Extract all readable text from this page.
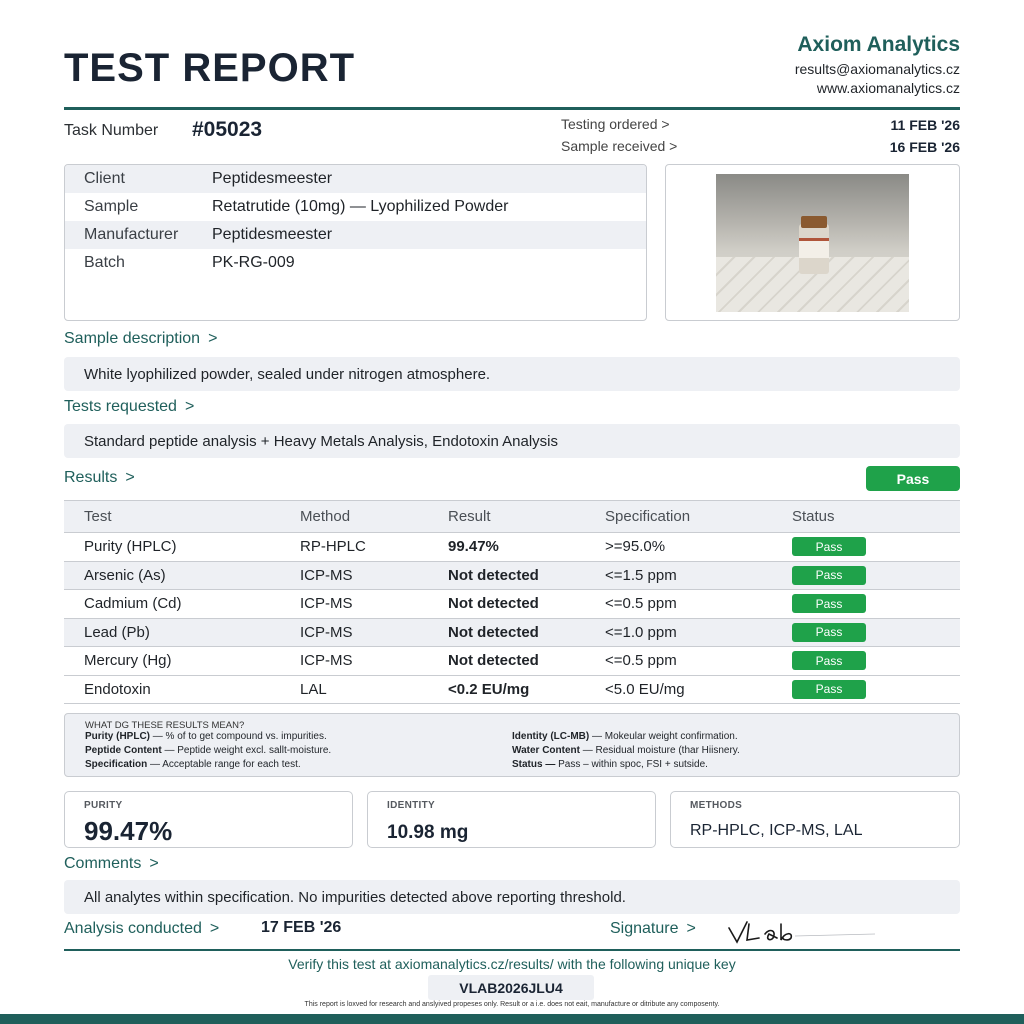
TEST REPORT
Axiom Analytics
results@axiomanalytics.cz
www.axiomanalytics.cz
Task Number #05023	Testing ordered >	11 FEB '26
Sample received >	16 FEB '26
Client	Peptidesmeester
Sample	Retatrutide (10mg) — Lyophilized Powder
Manufacturer	Peptidesmeester
Batch	PK-RG-009
Sample description >
White lyophilized powder, sealed under nitrogen atmosphere.
Tests requested >
Standard peptide analysis + Heavy Metals Analysis, Endotoxin Analysis
Results >	Pass
Test	Method	Result	Specification	Status
Purity (HPLC)	RP-HPLC	99.47%	>=95.0%	Pass
Arsenic (As)	ICP-MS	Not detected	<=1.5 ppm	Pass
Cadmium (Cd)	ICP-MS	Not detected	<=0.5 ppm	Pass
Lead (Pb)	ICP-MS	Not detected	<=1.0 ppm	Pass
Mercury (Hg)	ICP-MS	Not detected	<=0.5 ppm	Pass
Endotoxin	LAL	<0.2 EU/mg	<5.0 EU/mg	Pass
WHAT DG THESE RESULTS MEAN?
Purity (HPLC) — % of to get compound vs. impurities.
Peptide Content — Peptide weight excl. sallt-moisture.
Specification — Acceptable range for each test.
Identity (LC-MB) — Mokeular weight confirmation.
Water Content — Residual moisture (thar Hiisnery.
Status — Pass – within spoc, FSI + sutside.
PURITY
99.47%
IDENTITY
10.98 mg
METHODS
RP-HPLC, ICP-MS, LAL
Comments >
All analytes within specification. No impurities detected above reporting threshold.
Analysis conducted >	17 FEB '26	Signature >
Verify this test at axiomanalytics.cz/results/ with the following unique key
VLAB2026JLU4
This report is loxved for research and anslyived propeses only. Result or a i.e. does not eait, manufacture or ditribute any composenty.
